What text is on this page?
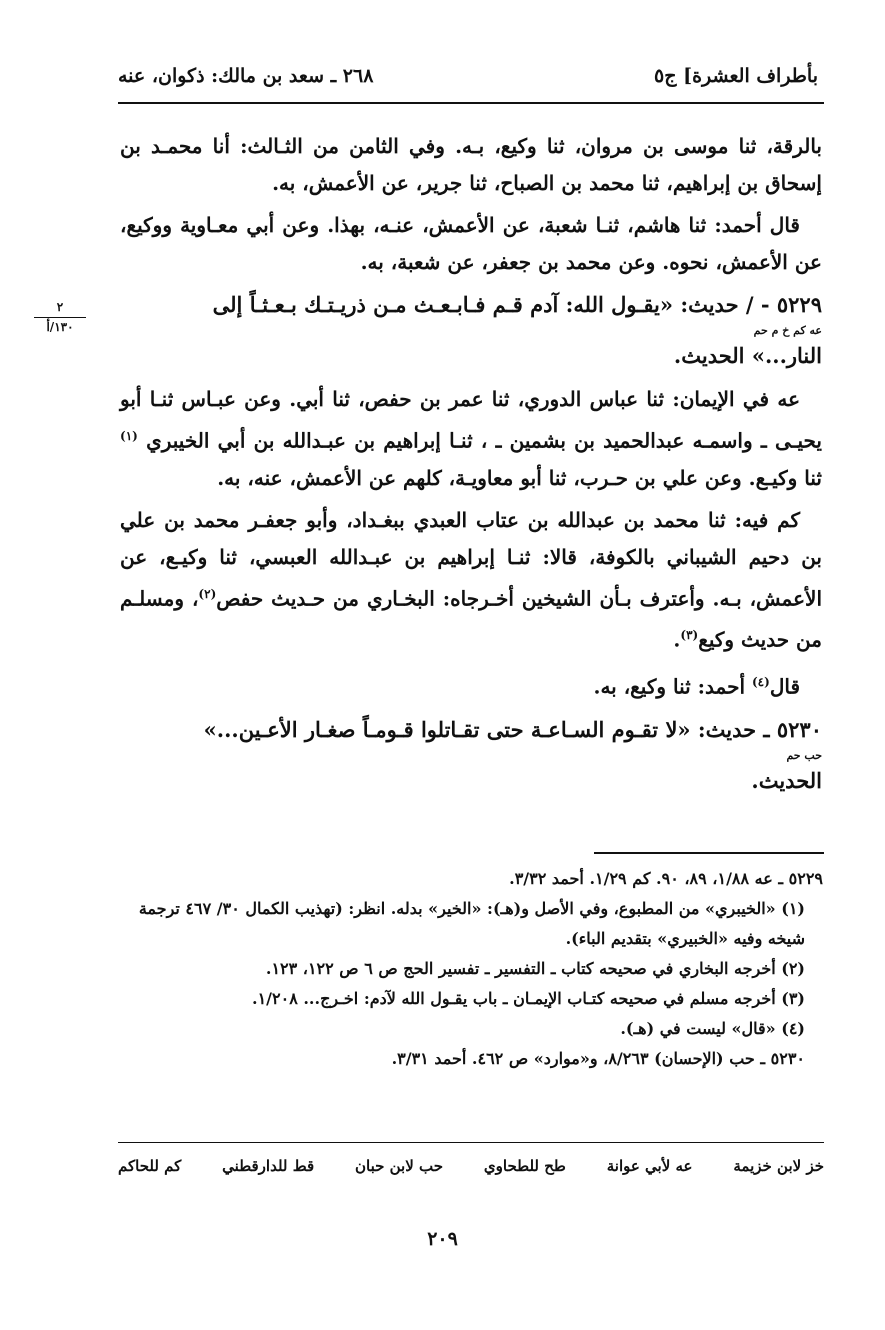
بأطراف العشرة] ج٥
٢٦٨ ـ سعد بن مالك: ذكوان، عنه
٢
١٣٠/أ

بالرقة، ثنا موسى بن مروان، ثنا وكيع، بـه. وفي الثامن من الثـالث: أنا محمـد بن إسحاق بن إبراهيم، ثنا محمد بن الصباح، ثنا جرير، عن الأعمش، به.

قال أحمد: ثنا هاشم، ثنـا شعبة، عن الأعمش، عنـه، بهذا. وعن أبي معـاوية ووكيع، عن الأعمش، نحوه. وعن محمد بن جعفر، عن شعبة، به.

٥٢٢٩ - / حديث: «يقـول الله: آدم قـم فـابـعـث مـن ذريـتـك بـعـثـاً إلى

عه كم خ م حم

النار...» الحديث.

عه في الإيمان: ثنا عباس الدوري، ثنا عمر بن حفص، ثنا أبي. وعن عبـاس ثنـا أبو يحيـى ـ واسمـه عبدالحميد بن بشمين ـ ، ثنـا إبراهيم بن عبـدالله بن أبي الخيبري $^{(١)}$ ثنا وكيـع. وعن علي بن حـرب، ثنا أبو معاويـة، كلهم عن الأعمش، عنه، به.

كم فيه: ثنا محمد بن عبدالله بن عتاب العبدي ببغـداد، وأبو جعفـر محمد بن علي بن دحيم الشيباني بالكوفة، قالا: ثنـا إبراهيم بن عبـدالله العبسي، ثنا وكيـع، عن الأعمش، بـه. وأعترف بـأن الشيخين أخـرجاه: البخـاري من حـديث حفص$^{(٢)}$، ومسلـم من حديث وكيع$^{(٣)}$.

قال$^{(٤)}$ أحمد: ثنا وكيع، به.

٥٢٣٠ ـ حديث: «لا تقـوم السـاعـة حتى تقـاتلوا قـومـاً صغـار الأعـين...»

حب حم

الحديث.

٥٢٢٩ ـ عه ١/٨٨، ٨٩، ٩٠. كم ١/٢٩. أحمد ٣/٣٢.

(١) «الخيبري» من المطبوع، وفي الأصل و(هـ): «الخير» بدله. انظر: (تهذيب الكمال ٣٠/ ٤٦٧ ترجمة شيخه وفيه «الخبيري» بتقديم الباء).

(٢) أخرجه البخاري في صحيحه كتاب ـ التفسير ـ تفسير الحج ص ٦ ص ١٢٢، ١٢٣.

(٣) أخرجه مسلم في صحيحه كتـاب الإيمـان ـ باب يقـول الله لآدم: اخـرج... ١/٢٠٨.

(٤) «قال» ليست في (هـ).

٥٢٣٠ ـ حب (الإحسان) ٨/٢٦٣، و«موارد» ص ٤٦٢. أحمد ٣/٣١.

خز لابن خزيمة
عه لأبي عوانة
طح للطحاوي
حب لابن حبان
قط للدارقطني
كم للحاكم
٢٠٩
